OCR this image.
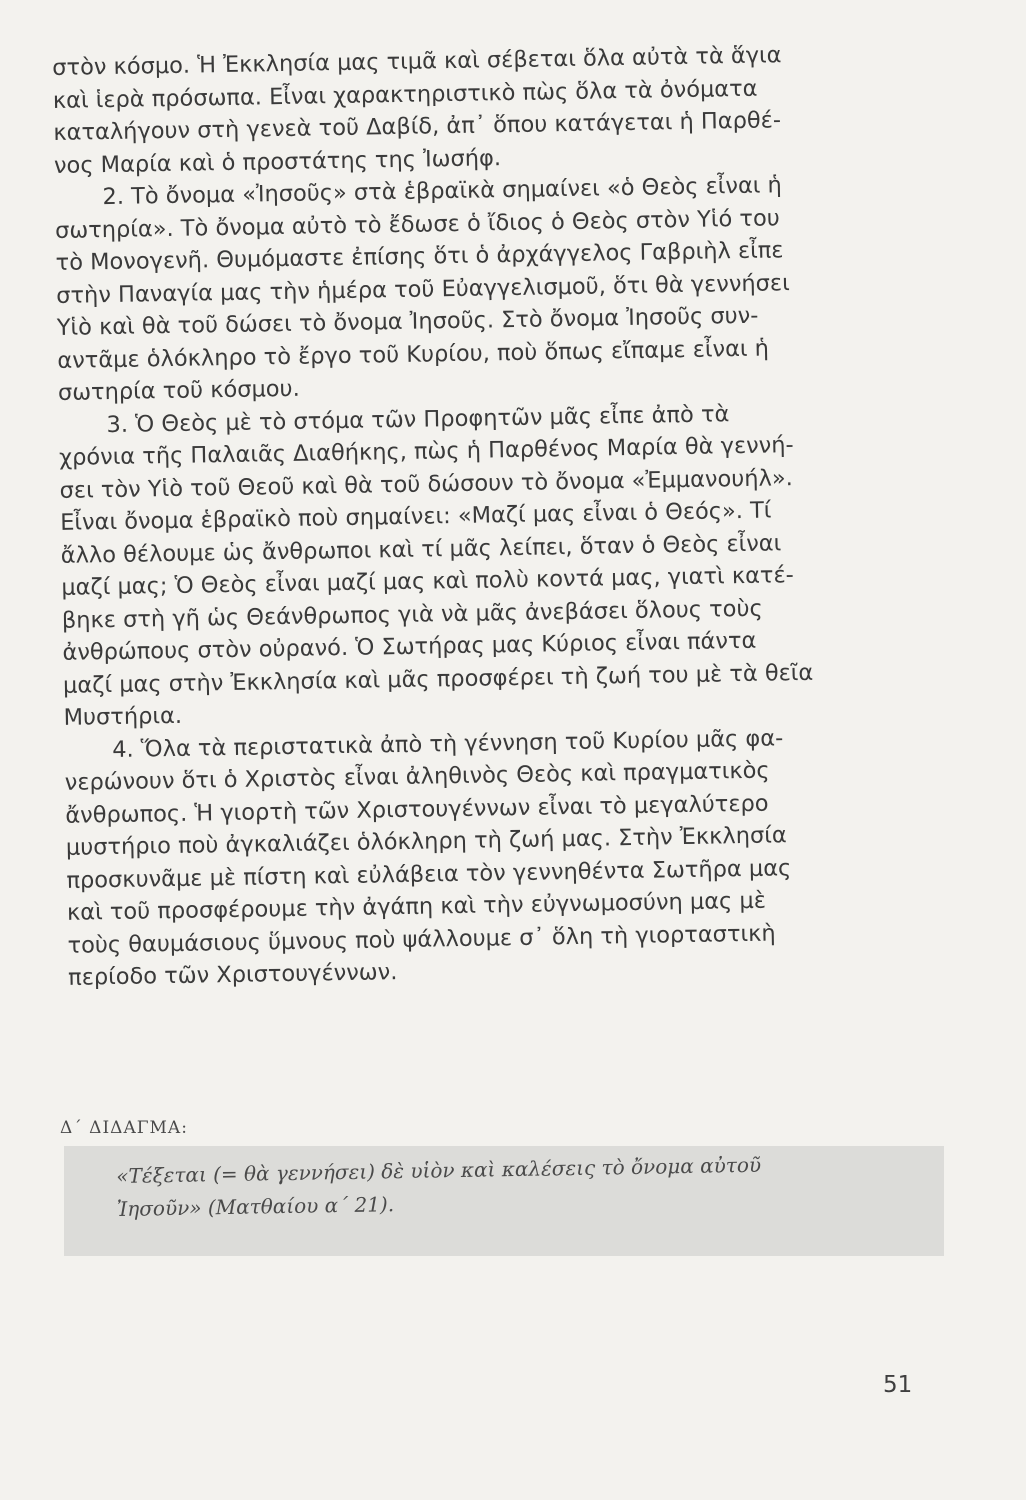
στὸν κόσμο. Ἡ Ἐκκλησία μας τιμᾶ καὶ σέβεται ὅλα αὐτὰ τὰ ἅγια
καὶ ἱερὰ πρόσωπα. Εἶναι χαρακτηριστικὸ πὼς ὅλα τὰ ὀνόματα
καταλήγουν στὴ γενεὰ τοῦ Δαβίδ, ἀπ᾽ ὅπου κατάγεται ἡ Παρθέ-
νος Μαρία καὶ ὁ προστάτης της Ἰωσήφ.
2. Τὸ ὄνομα «Ἰησοῦς» στὰ ἑβραϊκὰ σημαίνει «ὁ Θεὸς εἶναι ἡ
σωτηρία». Τὸ ὄνομα αὐτὸ τὸ ἔδωσε ὁ ἴδιος ὁ Θεὸς στὸν Υἱό του
τὸ Μονογενῆ. Θυμόμαστε ἐπίσης ὅτι ὁ ἀρχάγγελος Γαβριὴλ εἶπε
στὴν Παναγία μας τὴν ἡμέρα τοῦ Εὐαγγελισμοῦ, ὅτι θὰ γεννήσει
Υἱὸ καὶ θὰ τοῦ δώσει τὸ ὄνομα Ἰησοῦς. Στὸ ὄνομα Ἰησοῦς συν-
αντᾶμε ὁλόκληρο τὸ ἔργο τοῦ Κυρίου, ποὺ ὅπως εἴπαμε εἶναι ἡ
σωτηρία τοῦ κόσμου.
3. Ὁ Θεὸς μὲ τὸ στόμα τῶν Προφητῶν μᾶς εἶπε ἀπὸ τὰ
χρόνια τῆς Παλαιᾶς Διαθήκης, πὼς ἡ Παρθένος Μαρία θὰ γεννή-
σει τὸν Υἱὸ τοῦ Θεοῦ καὶ θὰ τοῦ δώσουν τὸ ὄνομα «Ἐμμανουήλ».
Εἶναι ὄνομα ἑβραϊκὸ ποὺ σημαίνει: «Μαζί μας εἶναι ὁ Θεός». Τί
ἄλλο θέλουμε ὡς ἄνθρωποι καὶ τί μᾶς λείπει, ὅταν ὁ Θεὸς εἶναι
μαζί μας; Ὁ Θεὸς εἶναι μαζί μας καὶ πολὺ κοντά μας, γιατὶ κατέ-
βηκε στὴ γῆ ὡς Θεάνθρωπος γιὰ νὰ μᾶς ἀνεβάσει ὅλους τοὺς
ἀνθρώπους στὸν οὐρανό. Ὁ Σωτήρας μας Κύριος εἶναι πάντα
μαζί μας στὴν Ἐκκλησία καὶ μᾶς προσφέρει τὴ ζωή του μὲ τὰ θεῖα
Μυστήρια.
4. Ὅλα τὰ περιστατικὰ ἀπὸ τὴ γέννηση τοῦ Κυρίου μᾶς φα-
νερώνουν ὅτι ὁ Χριστὸς εἶναι ἀληθινὸς Θεὸς καὶ πραγματικὸς
ἄνθρωπος. Ἡ γιορτὴ τῶν Χριστουγέννων εἶναι τὸ μεγαλύτερο
μυστήριο ποὺ ἀγκαλιάζει ὁλόκληρη τὴ ζωή μας. Στὴν Ἐκκλησία
προσκυνᾶμε μὲ πίστη καὶ εὐλάβεια τὸν γεννηθέντα Σωτῆρα μας
καὶ τοῦ προσφέρουμε τὴν ἀγάπη καὶ τὴν εὐγνωμοσύνη μας μὲ
τοὺς θαυμάσιους ὕμνους ποὺ ψάλλουμε σ᾽ ὅλη τὴ γιορταστικὴ
περίοδο τῶν Χριστουγέννων.
Δ΄ ΔΙΔΑΓΜΑ:
«Τέξεται (= θὰ γεννήσει) δὲ υἱὸν καὶ καλέσεις τὸ ὄνομα αὐτοῦ
Ἰησοῦν» (Ματθαίου α΄ 21).
51
